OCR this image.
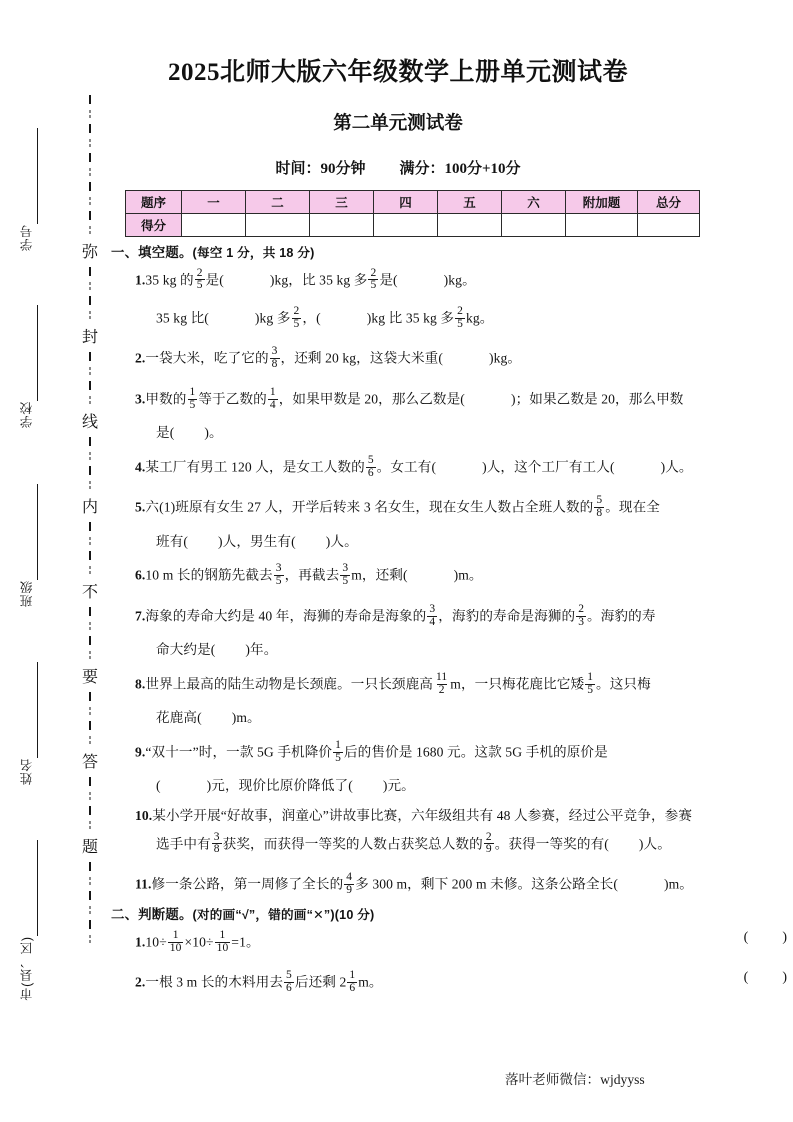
学号
学校
班级
姓名
市(县、区)
弥
封
线
内
不
要
答
题
2025北师大版六年级数学上册单元测试卷
第二单元测试卷
时间：90分钟 满分：100分+10分
题序	一	二	三	四	五	六	附加题	总分
得分								
一、填空题。(每空 1 分，共 18 分)
1.35 kg 的 $\frac{2}{5}$ 是(	)kg，比 35 kg 多 $\frac{2}{5}$ 是(	)kg。
35 kg 比(	)kg 多 $\frac{2}{5}$ ，(	)kg 比 35 kg 多 $\frac{2}{5}$ kg。
2.一袋大米，吃了它的 $\frac{3}{8}$ ，还剩 20 kg，这袋大米重(	)kg。
3.甲数的 $\frac{1}{5}$ 等于乙数的 $\frac{1}{4}$ ，如果甲数是 20，那么乙数是(	)；如果乙数是 20，那么甲数
是( )。
4.某工厂有男工 120 人，是女工人数的 $\frac{5}{6}$ 。女工有(	)人，这个工厂有工人(	)人。
5.六(1)班原有女生 27 人，开学后转来 3 名女生，现在女生人数占全班人数的 $\frac{5}{8}$ 。现在全
班有( )人，男生有( )人。
6.10 m 长的钢筋先截去 $\frac{3}{5}$ ，再截去 $\frac{3}{5}$ m，还剩(	)m。
7.海象的寿命大约是 40 年，海狮的寿命是海象的 $\frac{3}{4}$ ，海豹的寿命是海狮的 $\frac{2}{3}$ 。海豹的寿
命大约是( )年。
8.世界上最高的陆生动物是长颈鹿。一只长颈鹿高 $\frac{11}{2}$ m，一只梅花鹿比它矮 $\frac{1}{5}$ 。这只梅
花鹿高( )m。
9.“双十一”时，一款 5G 手机降价 $\frac{1}{5}$ 后的售价是 1680 元。这款 5G 手机的原价是
(	)元，现价比原价降低了( )元。
10.某小学开展“好故事，润童心”讲故事比赛，六年级组共有 48 人参赛，经过公平竞争，参赛
选手中有 $\frac{3}{8}$ 获奖，而获得一等奖的人数占获奖总人数的 $\frac{2}{9}$ 。获得一等奖的有( )人。
11.修一条公路，第一周修了全长的 $\frac{4}{9}$ 多 300 m，剩下 200 m 未修。这条公路全长(	)m。
二、判断题。(对的画“√”，错的画“✕”)(10 分)
$1.10\div \frac{1}{10} \times 10\div \frac{1}{10} =1$。	( )
2.一根 3 m 长的木料用去 $\frac{5}{6}$ 后还剩 $2 \frac{1}{6}$ m。	( )
落叶老师微信：wjdyyss
